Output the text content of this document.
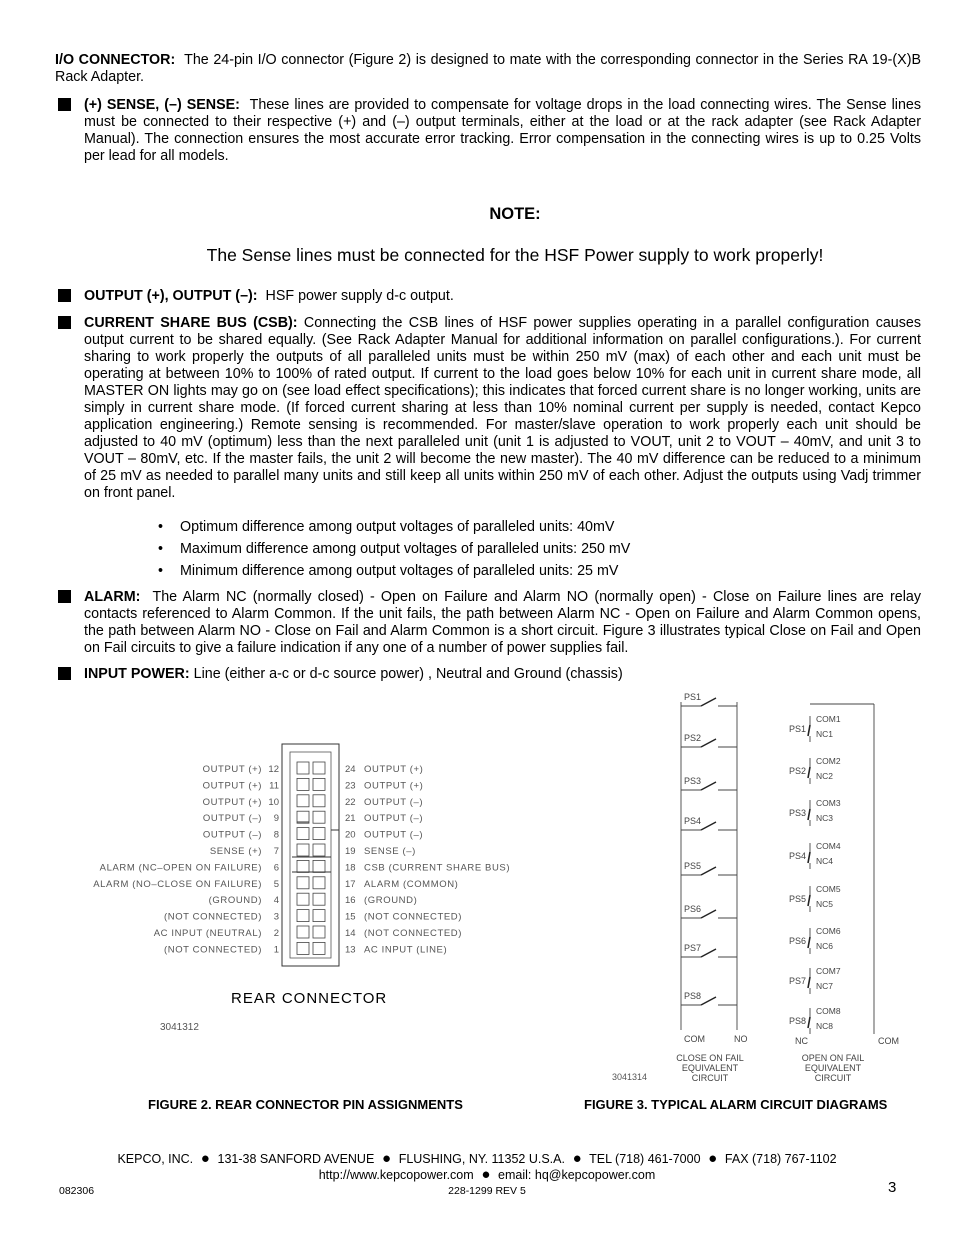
I/O CONNECTOR: The 24-pin I/O connector (Figure 2) is designed to mate with the corresponding connector in the Series RA 19-(X)B Rack Adapter.
(+) SENSE, (–) SENSE: These lines are provided to compensate for voltage drops in the load connecting wires. The Sense lines must be connected to their respective (+) and (–) output terminals, either at the load or at the rack adapter (see Rack Adapter Manual). The connection ensures the most accurate error tracking. Error compensation in the connecting wires is up to 0.25 Volts per lead for all models.
NOTE:
The Sense lines must be connected for the HSF Power supply to work properly!
OUTPUT (+), OUTPUT (–): HSF power supply d-c output.
CURRENT SHARE BUS (CSB): Connecting the CSB lines of HSF power supplies operating in a parallel configuration causes output current to be shared equally. (See Rack Adapter Manual for additional information on parallel configurations.). For current sharing to work properly the outputs of all paralleled units must be within 250 mV (max) of each other and each unit must be operating at between 10% to 100% of rated output. If current to the load goes below 10% for each unit in current share mode, all MASTER ON lights may go on (see load effect specifications); this indicates that forced current share is no longer working, units are simply in current share mode. (If forced current sharing at less than 10% nominal current per supply is needed, contact Kepco application engineering.) Remote sensing is recommended. For master/slave operation to work properly each unit should be adjusted to 40 mV (optimum) less than the next paralleled unit (unit 1 is adjusted to VOUT, unit 2 to VOUT – 40mV, and unit 3 to VOUT – 80mV, etc. If the master fails, the unit 2 will become the new master). The 40 mV difference can be reduced to a minimum of 25 mV as needed to parallel many units and still keep all units within 250 mV of each other. Adjust the outputs using Vadj trimmer on front panel.
• Optimum difference among output voltages of paralleled units: 40mV
• Maximum difference among output voltages of paralleled units: 250 mV
• Minimum difference among output voltages of paralleled units: 25 mV
ALARM: The Alarm NC (normally closed) - Open on Failure and Alarm NO (normally open) - Close on Failure lines are relay contacts referenced to Alarm Common. If the unit fails, the path between Alarm NC - Open on Failure and Alarm Common opens, the path between Alarm NO - Close on Fail and Alarm Common is a short circuit. Figure 3 illustrates typical Close on Fail and Open on Fail circuits to give a failure indication if any one of a number of power supplies fail.
INPUT POWER: Line (either a-c or d-c source power) , Neutral and Ground (chassis)
OUTPUT (+) 12	24 OUTPUT (+)
OUTPUT (+) 11	23 OUTPUT (+)
OUTPUT (+) 10	22 OUTPUT (–)
OUTPUT (–) 9	21 OUTPUT (–)
OUTPUT (–) 8	20 OUTPUT (–)
SENSE (+) 7	19 SENSE (–)
ALARM (NC–OPEN ON FAILURE) 6	18 CSB (CURRENT SHARE BUS)
ALARM (NO–CLOSE ON FAILURE) 5	17 ALARM (COMMON)
(GROUND) 4	16 (GROUND)
(NOT CONNECTED) 3	15 (NOT CONNECTED)
AC INPUT (NEUTRAL) 2	14 (NOT CONNECTED)
(NOT CONNECTED) 1	13 AC INPUT (LINE)
REAR CONNECTOR
3041312
PS1
PS2
PS3
PS4
PS5
PS6
PS7
PS8
PS1
COM1
NC1
PS2
COM2
NC2
PS3
COM3
NC3
PS4
COM4
NC4
PS5
COM5
NC5
PS6
COM6
NC6
PS7
COM7
NC7
PS8
COM8
NC8
COM	NO	NC	COM
CLOSE ON FAIL
EQUIVALENT
CIRCUIT
OPEN ON FAIL
EQUIVALENT
CIRCUIT
3041314
FIGURE 2. REAR CONNECTOR PIN ASSIGNMENTS	FIGURE 3. TYPICAL ALARM CIRCUIT DIAGRAMS
KEPCO, INC.  ●  131-38 SANFORD AVENUE  ●  FLUSHING, NY. 11352 U.S.A.  ●  TEL (718) 461-7000  ●  FAX (718) 767-1102
http://www.kepcopower.com  ●  email: hq@kepcopower.com
082306	228-1299 REV 5	3
